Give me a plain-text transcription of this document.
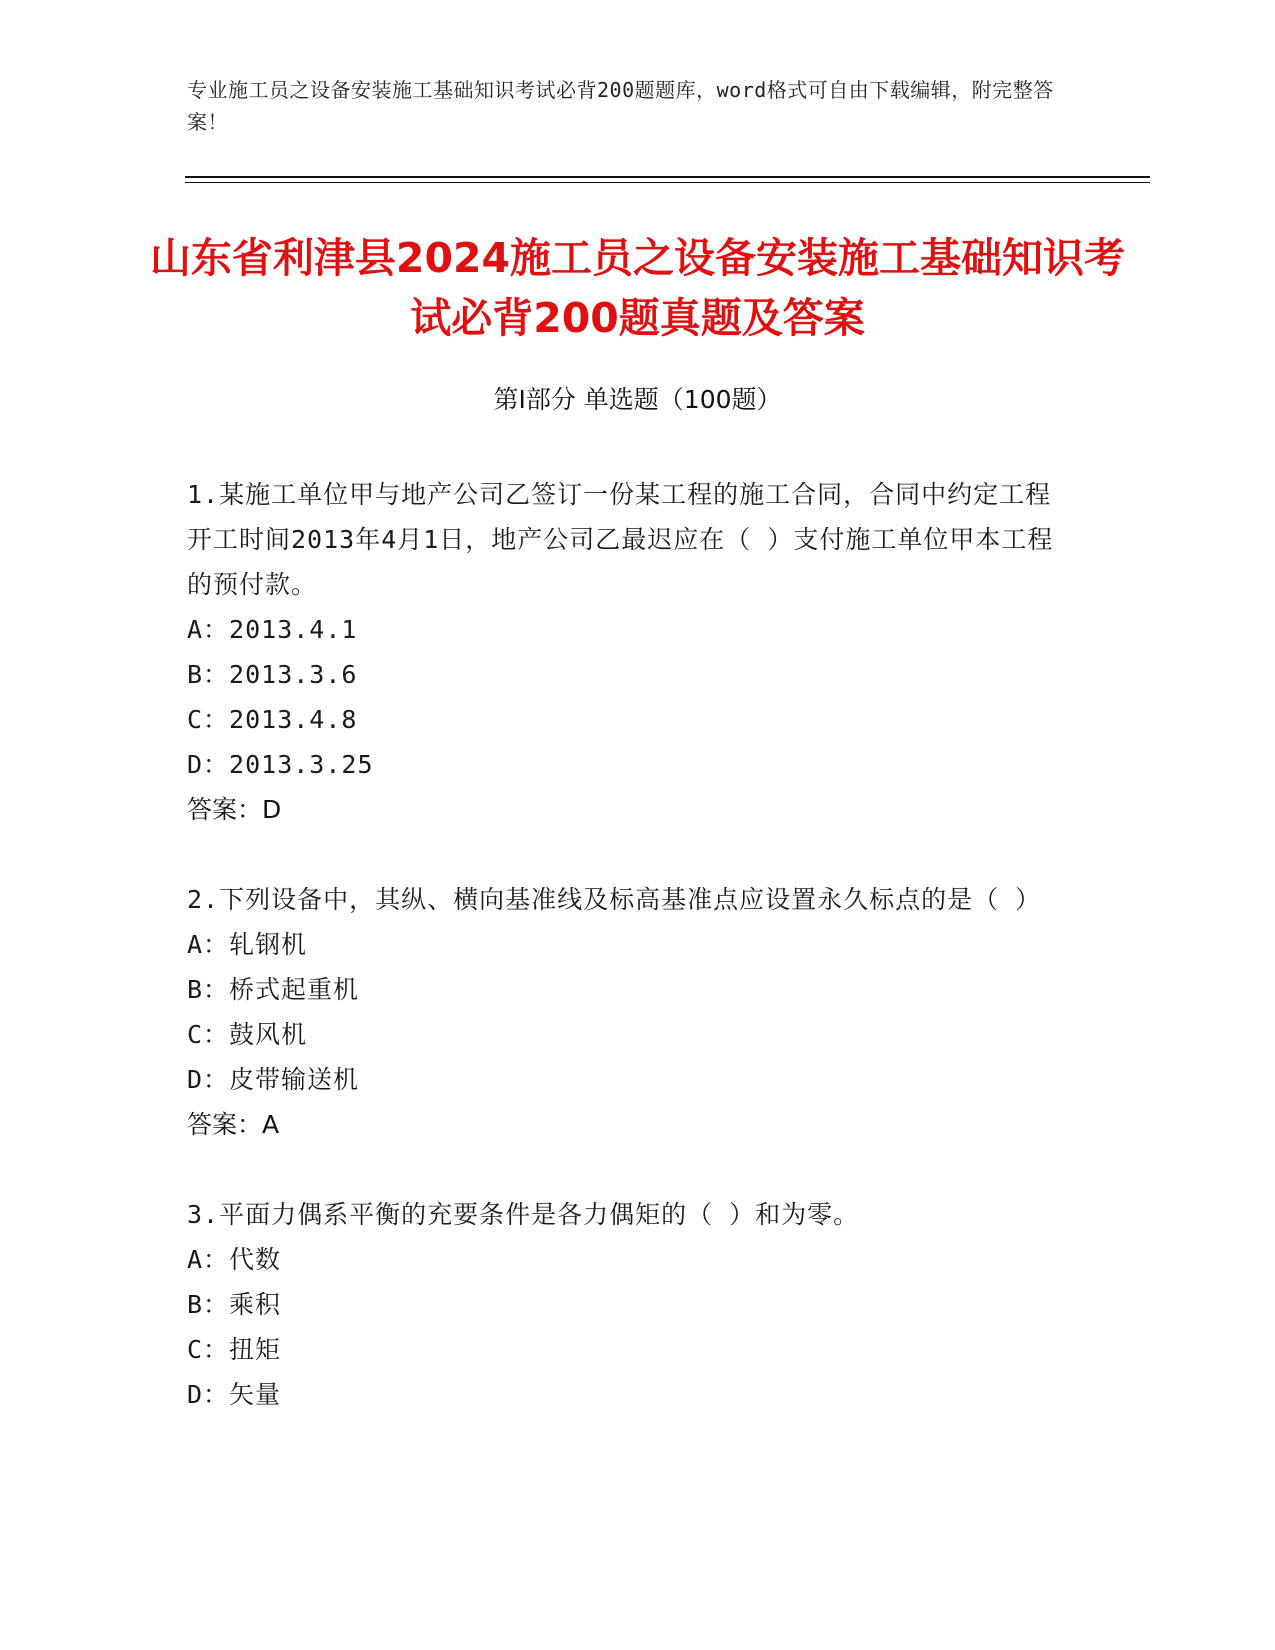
专业施工员之设备安装施工基础知识考试必背200题题库，word格式可自由下载编辑，附完整答案！
山东省利津县2024施工员之设备安装施工基础知识考试必背200题真题及答案
第Ⅰ部分 单选题（100题）
1.某施工单位甲与地产公司乙签订一份某工程的施工合同，合同中约定工程开工时间2013年4月1日，地产公司乙最迟应在（ ）支付施工单位甲本工程的预付款。
A：2013.4.1
B：2013.3.6
C：2013.4.8
D：2013.3.25
答案：D
2.下列设备中，其纵、横向基准线及标高基准点应设置永久标点的是（ ）
A：轧钢机
B：桥式起重机
C：鼓风机
D：皮带输送机
答案：A
3.平面力偶系平衡的充要条件是各力偶矩的（ ）和为零。
A：代数
B：乘积
C：扭矩
D：矢量
